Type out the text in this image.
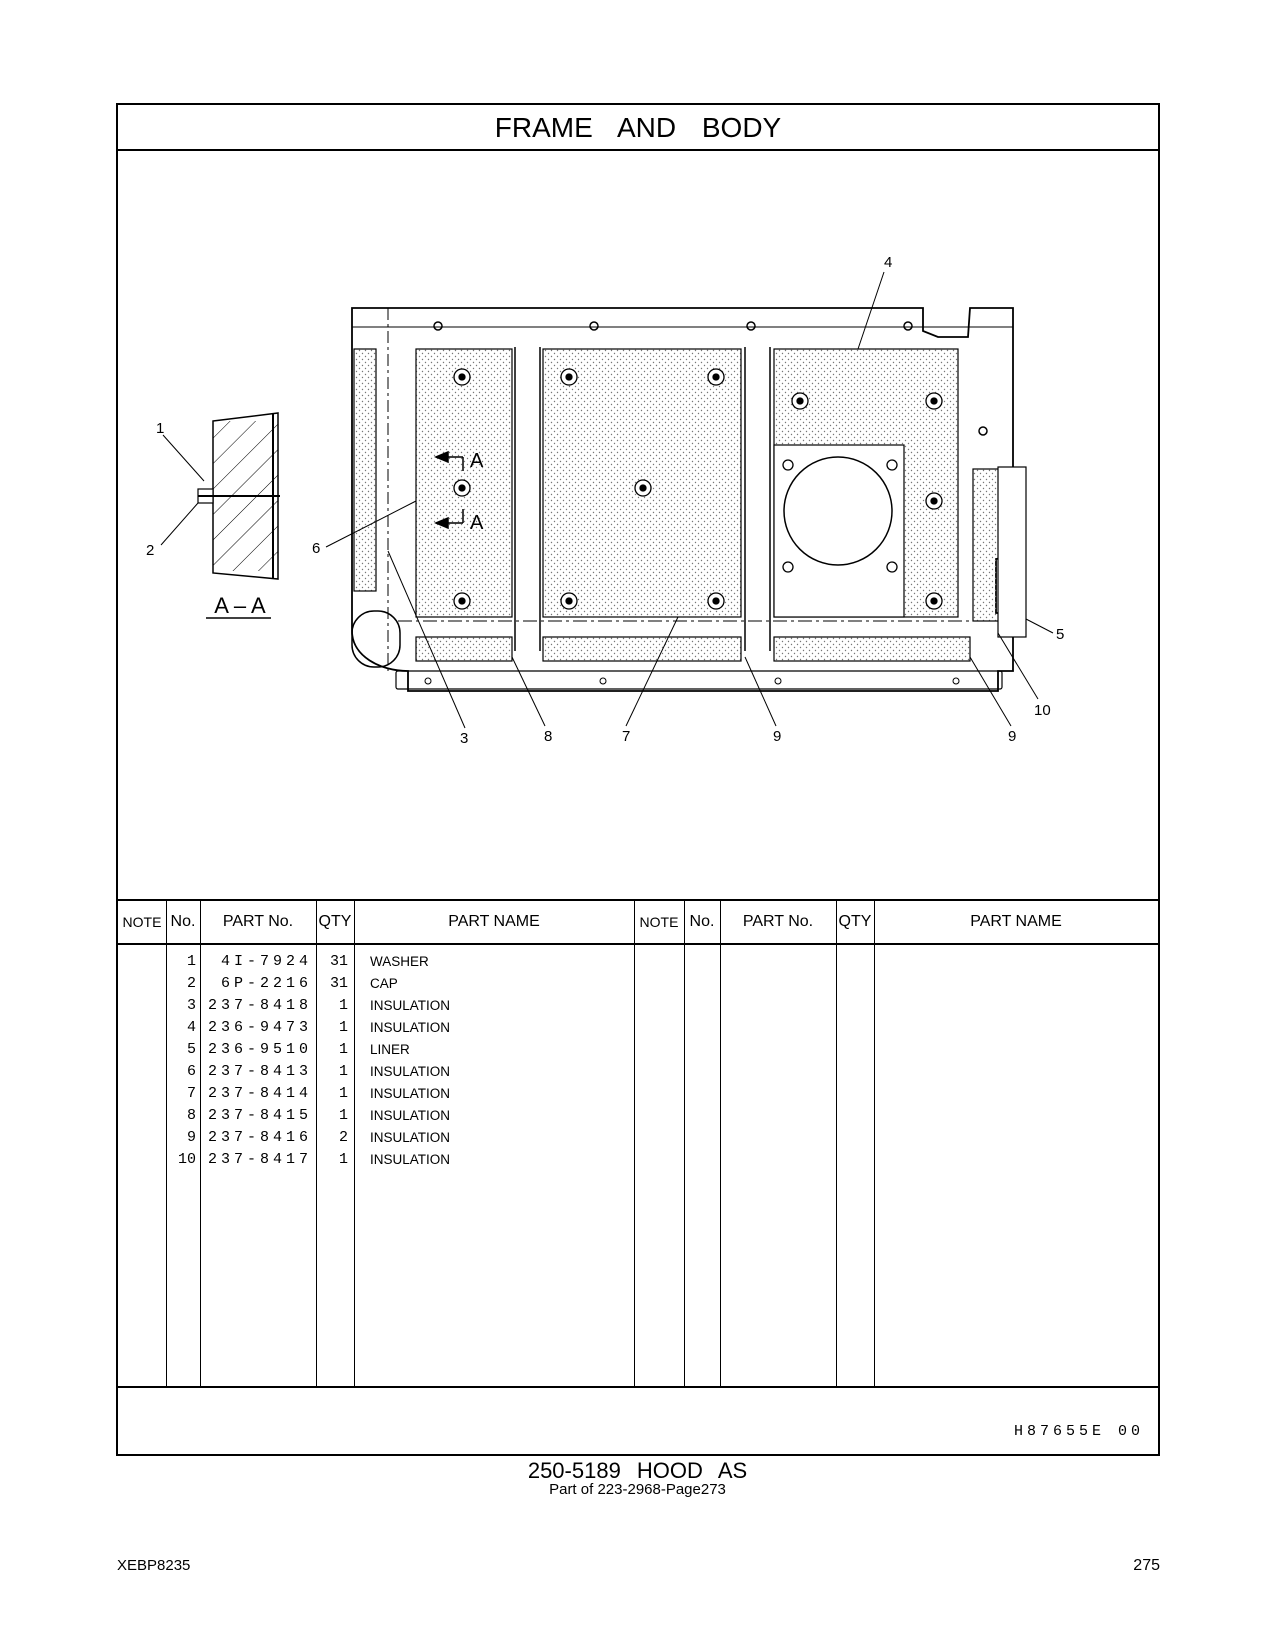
FRAME AND BODY
1
2
A – A
A
A
4
5
6
3	8	7	9	9
10
NOTE No.	PART No.	QTY	PART NAME	NOTE No.	PART No.	QTY	PART NAME
1	4I-7924	31 WASHER
2	6P-2216	31 CAP
3 237-8418	1 INSULATION
4 236-9473	1 INSULATION
5 236-9510	1 LINER
6 237-8413	1 INSULATION
7 237-8414	1 INSULATION
8 237-8415	1 INSULATION
9 237-8416	2 INSULATION
10 237-8417	1 INSULATION
H87655E 00
250-5189 HOOD AS
Part of 223-2968-Page273
XEBP8235	275
